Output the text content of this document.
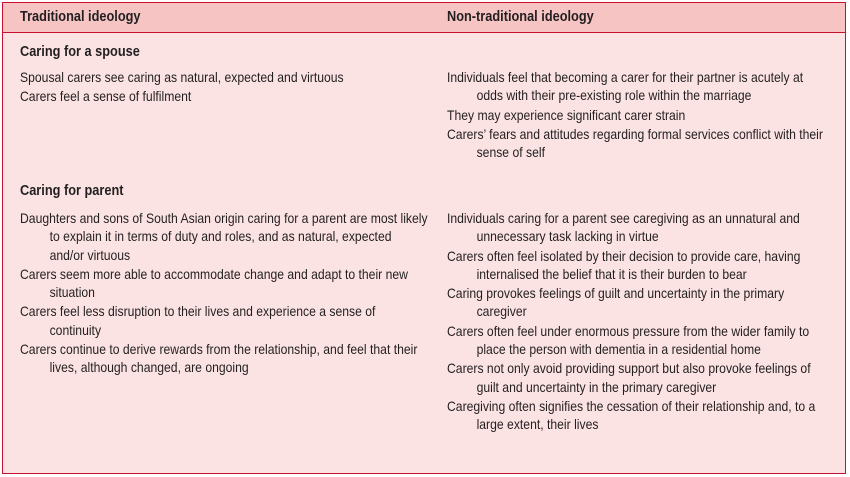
Traditional ideology	Non-traditional ideology
Caring for a spouse
Spousal carers see caring as natural, expected and virtuous
Carers feel a sense of fulfilment
Individuals feel that becoming a carer for their partner is acutely at odds with their pre-existing role within the marriage
They may experience significant carer strain
Carers’ fears and attitudes regarding formal services conflict with their sense of self
Caring for parent
Daughters and sons of South Asian origin caring for a parent are most likely to explain it in terms of duty and roles, and as natural, expected and/or virtuous
Carers seem more able to accommodate change and adapt to their new situation
Carers feel less disruption to their lives and experience a sense of continuity
Carers continue to derive rewards from the relationship, and feel that their lives, although changed, are ongoing
Individuals caring for a parent see caregiving as an unnatural and unnecessary task lacking in virtue
Carers often feel isolated by their decision to provide care, having internalised the belief that it is their burden to bear
Caring provokes feelings of guilt and uncertainty in the primary caregiver
Carers often feel under enormous pressure from the wider family to place the person with dementia in a residential home
Carers not only avoid providing support but also provoke feelings of guilt and uncertainty in the primary caregiver
Caregiving often signifies the cessation of their relationship and, to a large extent, their lives
